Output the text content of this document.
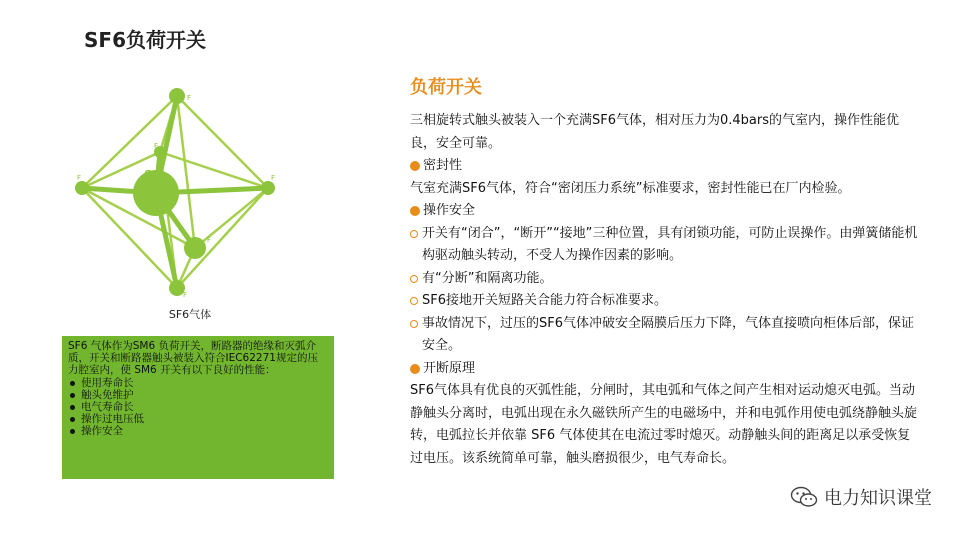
SF6负荷开关
F
F	F
F
F
F
S
SF6气体

SF6 气体作为SM6 负荷开关，断路器的绝缘和灭弧介质，开关和断路器触头被装入符合IEC62271规定的压力腔室内，使 SM6 开关有以下良好的性能：

使用寿命长
触头免维护
电气寿命长
操作过电压低
操作安全
负荷开关

三相旋转式触头被装入一个充满SF6气体，相对压力为0.4bars的气室内，操作性能优良，安全可靠。

密封性

气室充满SF6气体，符合“密闭压力系统”标准要求，密封性能已在厂内检验。

操作安全
开关有“闭合”，“断开”“接地”三种位置，具有闭锁功能，可防止误操作。由弹簧储能机构驱动触头转动，不受人为操作因素的影响。
有“分断”和隔离功能。
SF6接地开关短路关合能力符合标准要求。
事故情况下，过压的SF6气体冲破安全隔膜后压力下降，气体直接喷向柜体后部，保证安全。
开断原理

SF6气体具有优良的灭弧性能，分闸时，其电弧和气体之间产生相对运动熄灭电弧。当动静触头分离时，电弧出现在永久磁铁所产生的电磁场中，并和电弧作用使电弧绕静触头旋转，电弧拉长并依靠 SF6 气体使其在电流过零时熄灭。动静触头间的距离足以承受恢复过电压。该系统简单可靠，触头磨损很少，电气寿命长。

电力知识课堂
